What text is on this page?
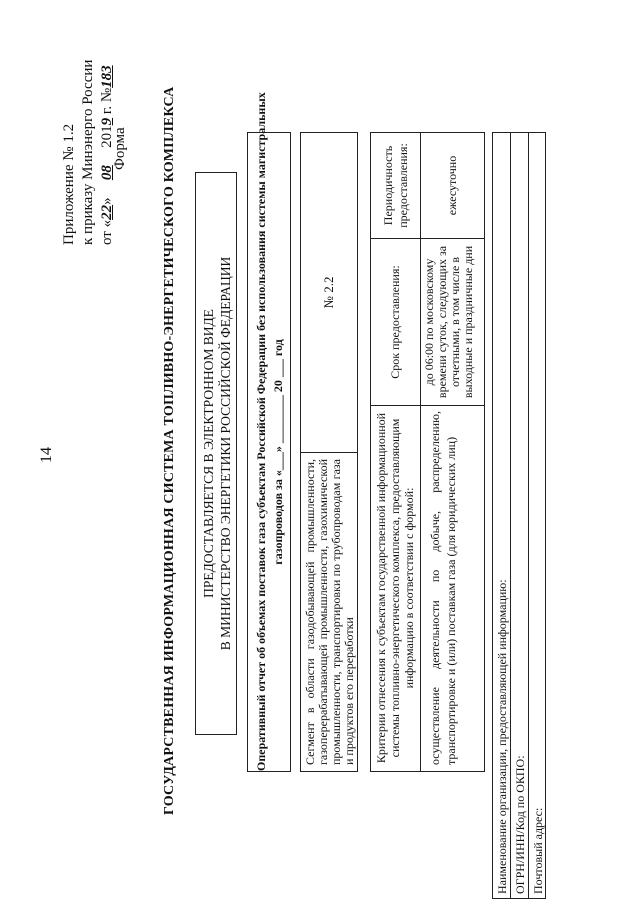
14
Приложение № 1.2 к приказу Минэнерго России от «22» 08 2019 г. №183
Форма ГОСУДАРСТВЕННАЯ ИНФОРМАЦИОННАЯ СИСТЕМА ТОПЛИВНО-ЭНЕРГЕТИЧЕСКОГО КОМПЛЕКСА ПРЕДОСТАВЛЯЕТСЯ В ЭЛЕКТРОННОМ ВИДЕ В МИНИСТЕРСТВО ЭНЕРГЕТИКИ РОССИЙСКОЙ ФЕДЕРАЦИИ Оперативный отчет об объемах поставок газа субъектам Российской Федерации без использования системы магистральных газопроводов за «___» ________ 20 ___ год
Сегмент в области газодобывающей промышленности, газоперерабатывающей промышленности, газохимической промышленности, транспортировки по трубопроводам газа и продуктов его переработки
№ 2.2
Критерии отнесения к субъектам государственной информационной системы топливно-энергетического комплекса, предоставляющим информацию в соответствии с формой:
Срок предоставления:
Периодичность предоставления:
осуществление деятельности по добыче, распределению, транспортировке и (или) поставкам газа (для юридических лиц)
до 06:00 по московскому времени суток, следующих за отчетными, в том числе в выходные и праздничные дни
ежесуточно
Наименование организации, предоставляющей информацию: ОГРН/ИНН/Код по ОКПО: Почтовый адрес:
